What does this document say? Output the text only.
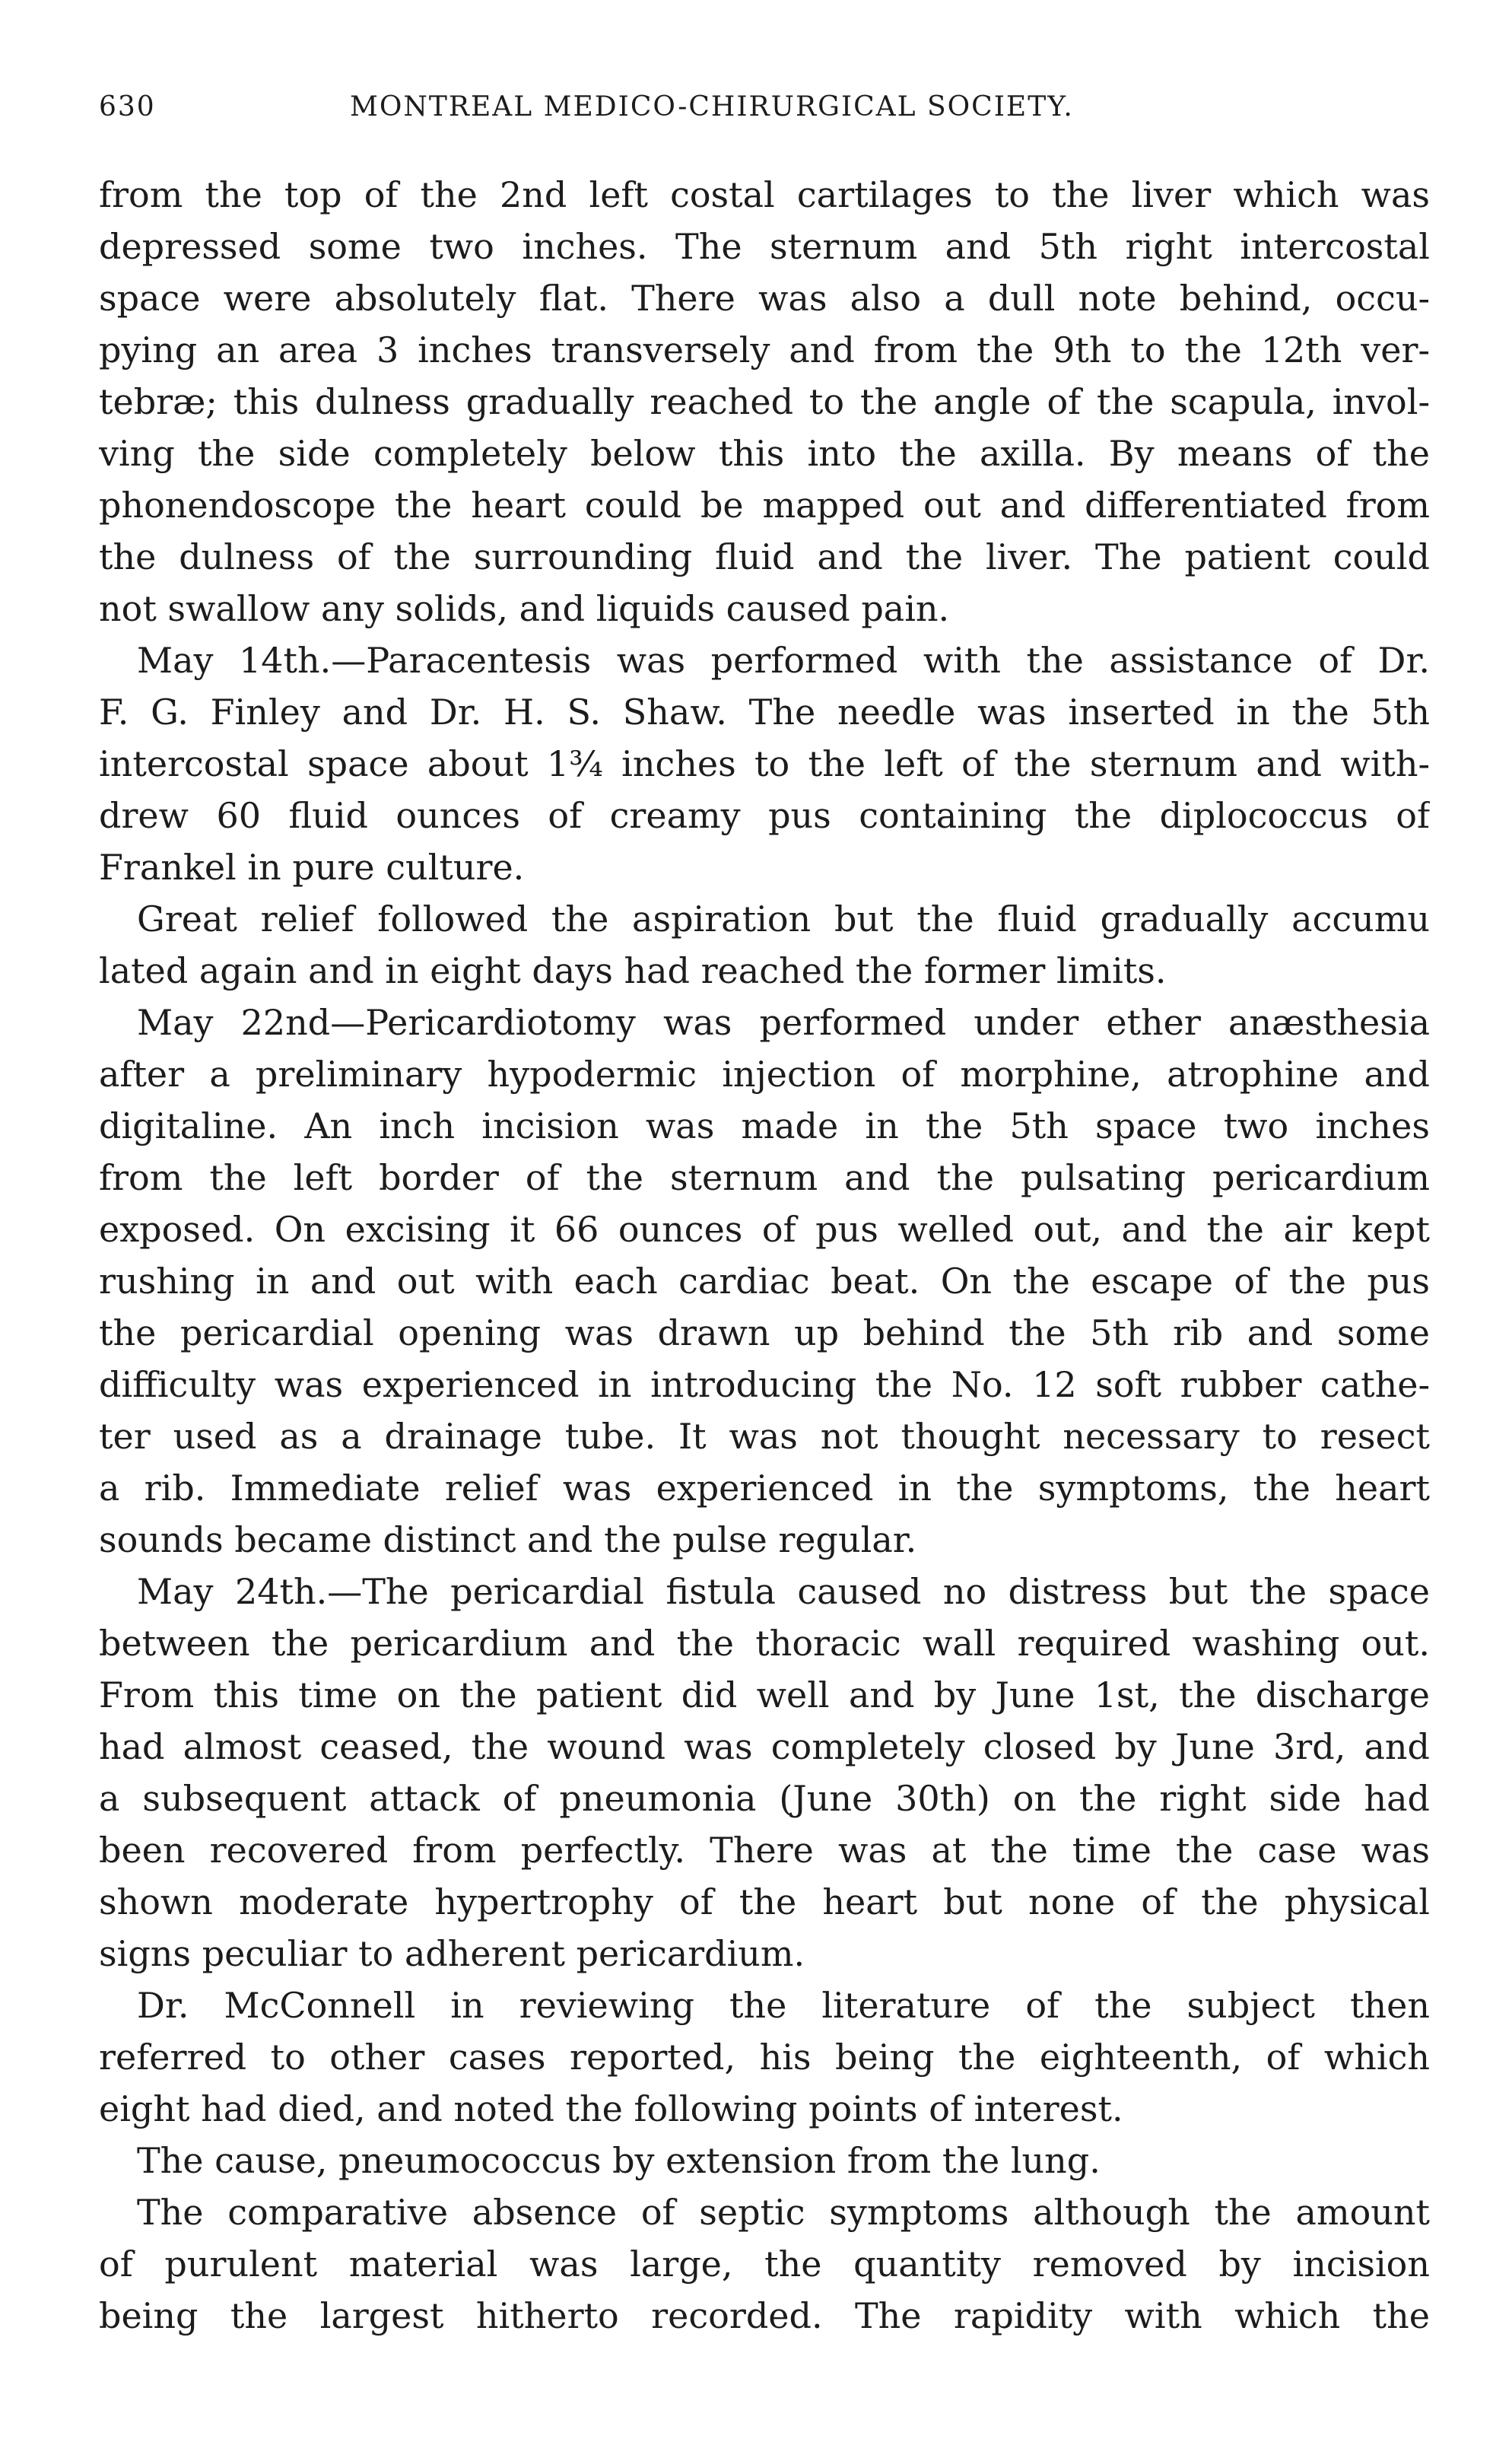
630	MONTREAL MEDICO-CHIRURGICAL SOCIETY.
from the top of the 2nd left costal cartilages to the liver which was
depressed some two inches. The sternum and 5th right intercostal
space were absolutely flat. There was also a dull note behind, occu-
pying an area 3 inches transversely and from the 9th to the 12th ver-
tebræ; this dulness gradually reached to the angle of the scapula, invol-
ving the side completely below this into the axilla. By means of the
phonendoscope the heart could be mapped out and differentiated from
the dulness of the surrounding fluid and the liver. The patient could
not swallow any solids, and liquids caused pain.
May 14th.—Paracentesis was performed with the assistance of Dr.
F. G. Finley and Dr. H. S. Shaw. The needle was inserted in the 5th
intercostal space about 1¾ inches to the left of the sternum and with-
drew 60 fluid ounces of creamy pus containing the diplococcus of
Frankel in pure culture.
Great relief followed the aspiration but the fluid gradually accumu
lated again and in eight days had reached the former limits.
May 22nd—Pericardiotomy was performed under ether anæsthesia
after a preliminary hypodermic injection of morphine, atrophine and
digitaline. An inch incision was made in the 5th space two inches
from the left border of the sternum and the pulsating pericardium
exposed. On excising it 66 ounces of pus welled out, and the air kept
rushing in and out with each cardiac beat. On the escape of the pus
the pericardial opening was drawn up behind the 5th rib and some
difficulty was experienced in introducing the No. 12 soft rubber cathe-
ter used as a drainage tube. It was not thought necessary to resect
a rib. Immediate relief was experienced in the symptoms, the heart
sounds became distinct and the pulse regular.
May 24th.—The pericardial fistula caused no distress but the space
between the pericardium and the thoracic wall required washing out.
From this time on the patient did well and by June 1st, the discharge
had almost ceased, the wound was completely closed by June 3rd, and
a subsequent attack of pneumonia (June 30th) on the right side had
been recovered from perfectly. There was at the time the case was
shown moderate hypertrophy of the heart but none of the physical
signs peculiar to adherent pericardium.
Dr. McConnell in reviewing the literature of the subject then
referred to other cases reported, his being the eighteenth, of which
eight had died, and noted the following points of interest.
The cause, pneumococcus by extension from the lung.
The comparative absence of septic symptoms although the amount
of purulent material was large, the quantity removed by incision
being the largest hitherto recorded. The rapidity with which the
